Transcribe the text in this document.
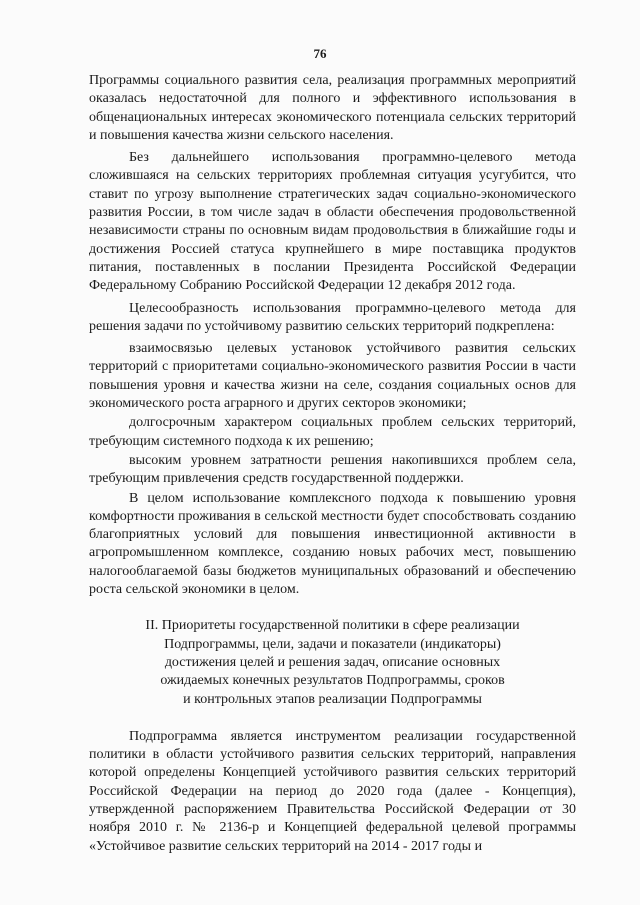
76

Программы социального развития села, реализация программных мероприятий оказалась недостаточной для полного и эффективного использования в общенациональных интересах экономического потенциала сельских территорий и повышения качества жизни сельского населения.

Без дальнейшего использования программно-целевого метода сложившаяся на сельских территориях проблемная ситуация усугубится, что ставит по угрозу выполнение стратегических задач социально-экономического развития России, в том числе задач в области обеспечения продовольственной независимости страны по основным видам продовольствия в ближайшие годы и достижения Россией статуса крупнейшего в мире поставщика продуктов питания, поставленных в послании Президента Российской Федерации Федеральному Собранию Российской Федерации 12 декабря 2012 года.

Целесообразность использования программно-целевого метода для решения задачи по устойчивому развитию сельских территорий подкреплена:

взаимосвязью целевых установок устойчивого развития сельских территорий с приоритетами социально-экономического развития России в части повышения уровня и качества жизни на селе, создания социальных основ для экономического роста аграрного и других секторов экономики;

долгосрочным характером социальных проблем сельских территорий, требующим системного подхода к их решению;

высоким уровнем затратности решения накопившихся проблем села, требующим привлечения средств государственной поддержки.

В целом использование комплексного подхода к повышению уровня комфортности проживания в сельской местности будет способствовать созданию благоприятных условий для повышения инвестиционной активности в агропромышленном комплексе, созданию новых рабочих мест, повышению налогооблагаемой базы бюджетов муниципальных образований и обеспечению роста сельской экономики в целом.

II. Приоритеты государственной политики в сфере реализации
Подпрограммы, цели, задачи и показатели (индикаторы)
достижения целей и решения задач, описание основных
ожидаемых конечных результатов Подпрограммы, сроков
и контрольных этапов реализации Подпрограммы

Подпрограмма является инструментом реализации государственной политики в области устойчивого развития сельских территорий, направления которой определены Концепцией устойчивого развития сельских территорий Российской Федерации на период до 2020 года (далее - Концепция), утвержденной распоряжением Правительства Российской Федерации от 30 ноября 2010 г. № 2136-р и Концепцией федеральной целевой программы «Устойчивое развитие сельских территорий на 2014 - 2017 годы и
